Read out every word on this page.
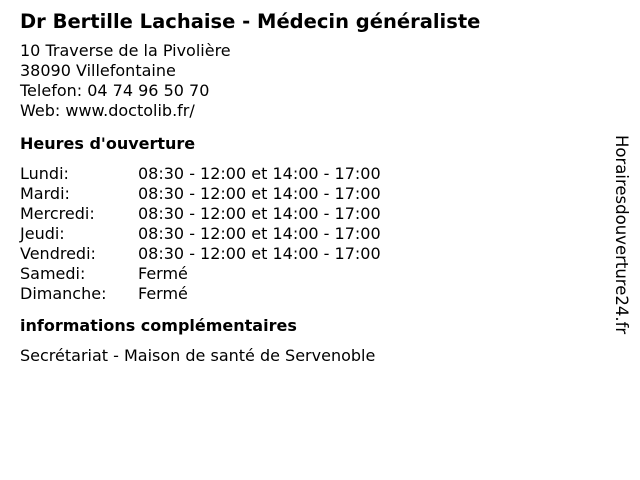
Dr Bertille Lachaise - Médecin généraliste
10 Traverse de la Pivolière
38090 Villefontaine
Telefon: 04 74 96 50 70
Web: www.doctolib.fr/
Heures d'ouverture
Lundi:	08:30 - 12:00 et 14:00 - 17:00
Mardi:	08:30 - 12:00 et 14:00 - 17:00
Mercredi:	08:30 - 12:00 et 14:00 - 17:00
Jeudi:	08:30 - 12:00 et 14:00 - 17:00
Vendredi:	08:30 - 12:00 et 14:00 - 17:00
Samedi:	Fermé
Dimanche:	Fermé
informations complémentaires
Secrétariat - Maison de santé de Servenoble
Horairesdouverture24.fr
